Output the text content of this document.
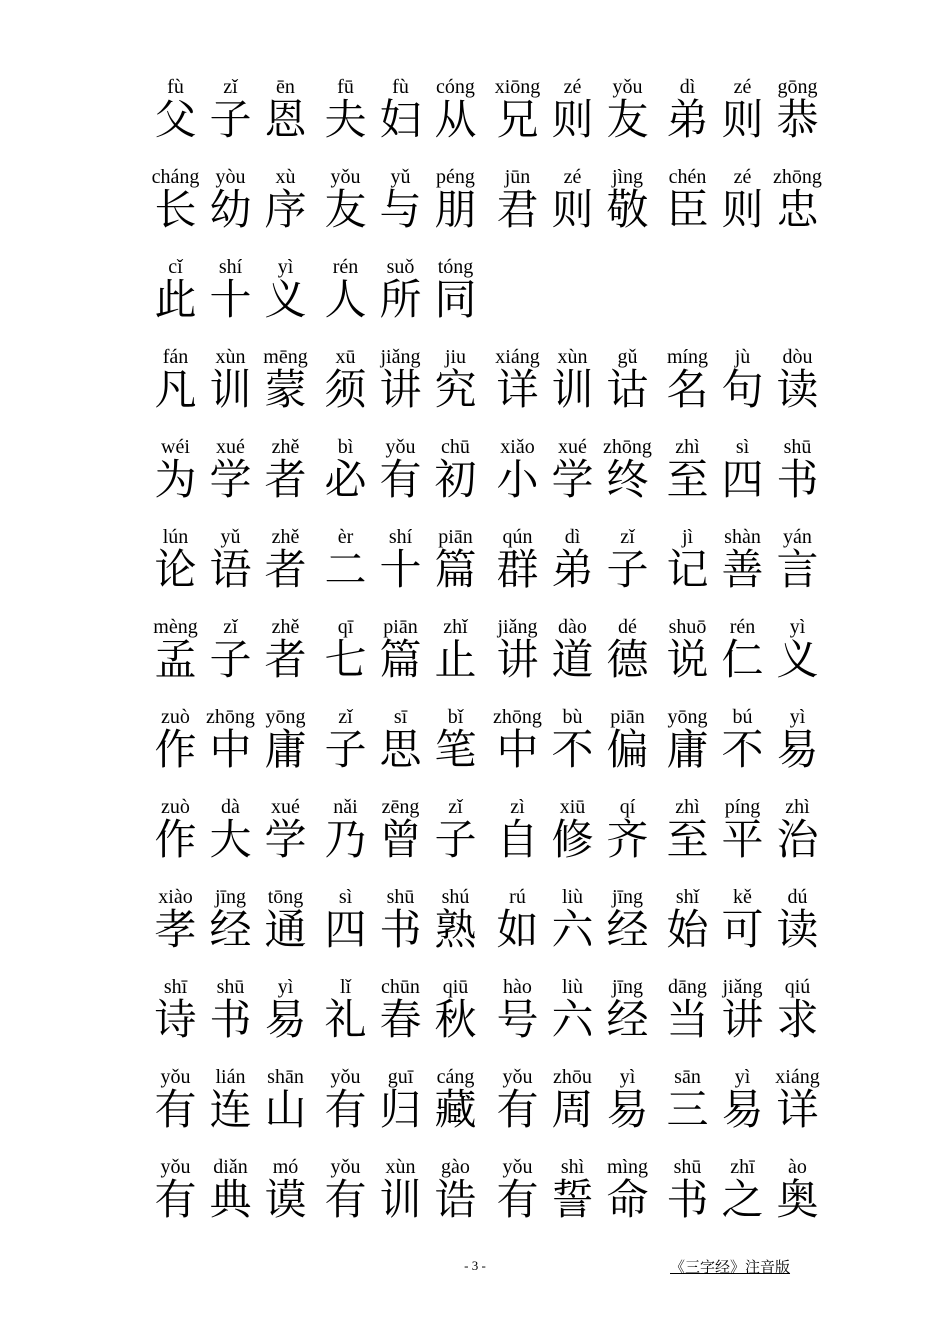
fù
父
zǐ
子
ēn
恩
fū
夫
fù
妇
cóng
从
xiōng
兄
zé
则
yǒu
友
dì
弟
zé
则
gōng
恭
cháng
长
yòu
幼
xù
序
yǒu
友
yǔ
与
péng
朋
jūn
君
zé
则
jìng
敬
chén
臣
zé
则
zhōng
忠
cǐ
此
shí
十
yì
义
rén
人
suǒ
所
tóng
同
fán
凡
xùn
训
mēng
蒙
xū
须
jiǎng
讲
jiu
究
xiáng
详
xùn
训
gǔ
诂
míng
名
jù
句
dòu
读
wéi
为
xué
学
zhě
者
bì
必
yǒu
有
chū
初
xiǎo
小
xué
学
zhōng
终
zhì
至
sì
四
shū
书
lún
论
yǔ
语
zhě
者
èr
二
shí
十
piān
篇
qún
群
dì
弟
zǐ
子
jì
记
shàn
善
yán
言
mèng
孟
zǐ
子
zhě
者
qī
七
piān
篇
zhǐ
止
jiǎng
讲
dào
道
dé
德
shuō
说
rén
仁
yì
义
zuò
作
zhōng
中
yōng
庸
zǐ
子
sī
思
bǐ
笔
zhōng
中
bù
不
piān
偏
yōng
庸
bú
不
yì
易
zuò
作
dà
大
xué
学
nǎi
乃
zēng
曾
zǐ
子
zì
自
xiū
修
qí
齐
zhì
至
píng
平
zhì
治
xiào
孝
jīng
经
tōng
通
sì
四
shū
书
shú
熟
rú
如
liù
六
jīng
经
shǐ
始
kě
可
dú
读
shī
诗
shū
书
yì
易
lǐ
礼
chūn
春
qiū
秋
hào
号
liù
六
jīng
经
dāng
当
jiǎng
讲
qiú
求
yǒu
有
lián
连
shān
山
yǒu
有
guī
归
cáng
藏
yǒu
有
zhōu
周
yì
易
sān
三
yì
易
xiáng
详
yǒu
有
diǎn
典
mó
谟
yǒu
有
xùn
训
gào
诰
yǒu
有
shì
誓
mìng
命
shū
书
zhī
之
ào
奥
- 3 -	《三字经》注音版
